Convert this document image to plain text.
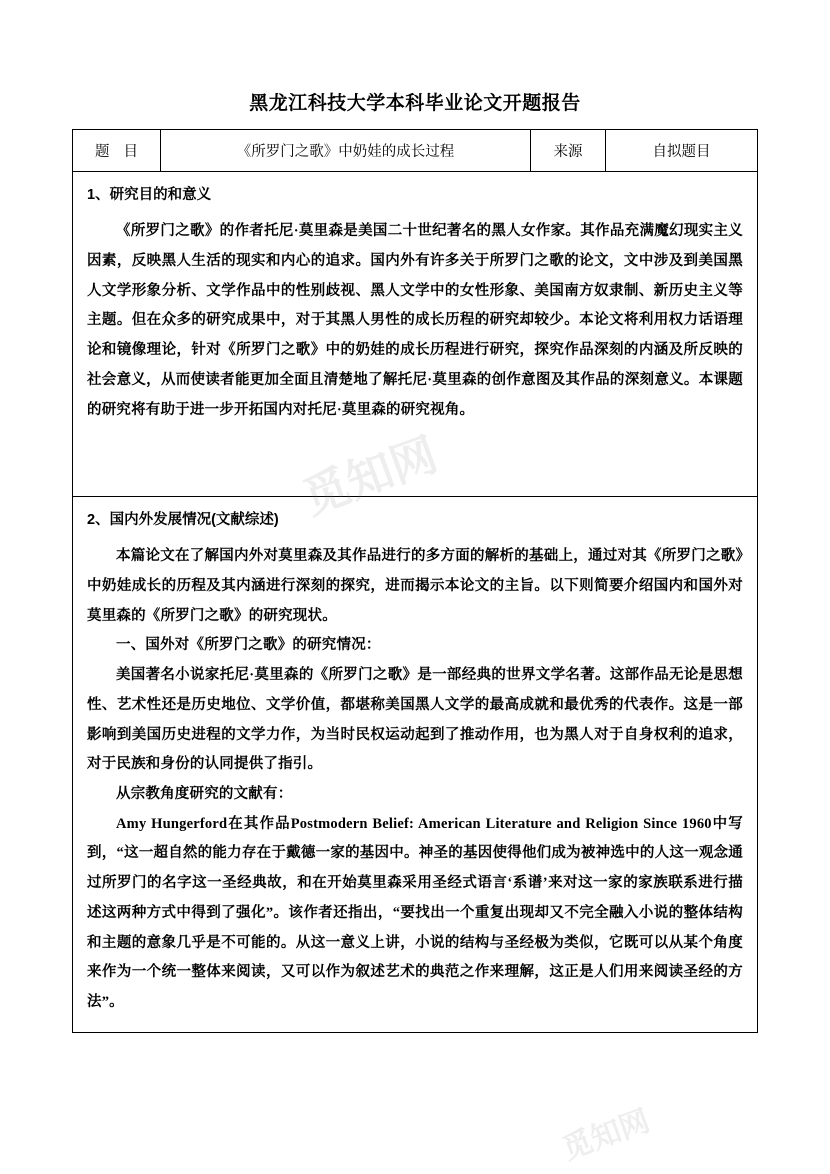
觅知网
觅知网
黑龙江科技大学本科毕业论文开题报告
题目	《所罗门之歌》中奶娃的成长过程	来源	自拟题目

1、研究目的和意义

《所罗门之歌》的作者托尼·莫里森是美国二十世纪著名的黑人女作家。其作品充满魔幻现实主义因素，反映黑人生活的现实和内心的追求。国内外有许多关于所罗门之歌的论文，文中涉及到美国黑人文学形象分析、文学作品中的性别歧视、黑人文学中的女性形象、美国南方奴隶制、新历史主义等主题。但在众多的研究成果中，对于其黑人男性的成长历程的研究却较少。本论文将利用权力话语理论和镜像理论，针对《所罗门之歌》中的奶娃的成长历程进行研究，探究作品深刻的内涵及所反映的社会意义，从而使读者能更加全面且清楚地了解托尼·莫里森的创作意图及其作品的深刻意义。本课题的研究将有助于进一步开拓国内对托尼·莫里森的研究视角。

2、国内外发展情况(文献综述)

本篇论文在了解国内外对莫里森及其作品进行的多方面的解析的基础上，通过对其《所罗门之歌》中奶娃成长的历程及其内涵进行深刻的探究，进而揭示本论文的主旨。以下则简要介绍国内和国外对莫里森的《所罗门之歌》的研究现状。

一、国外对《所罗门之歌》的研究情况：

美国著名小说家托尼·莫里森的《所罗门之歌》是一部经典的世界文学名著。这部作品无论是思想性、艺术性还是历史地位、文学价值，都堪称美国黑人文学的最高成就和最优秀的代表作。这是一部影响到美国历史进程的文学力作，为当时民权运动起到了推动作用，也为黑人对于自身权利的追求，对于民族和身份的认同提供了指引。

从宗教角度研究的文献有：

Amy Hungerford在其作品Postmodern Belief: American Literature and Religion Since 1960中写到，“这一超自然的能力存在于戴德一家的基因中。神圣的基因使得他们成为被神选中的人这一观念通过所罗门的名字这一圣经典故，和在开始莫里森采用圣经式语言‘系谱’来对这一家的家族联系进行描述这两种方式中得到了强化”。该作者还指出，“要找出一个重复出现却又不完全融入小说的整体结构和主题的意象几乎是不可能的。从这一意义上讲，小说的结构与圣经极为类似，它既可以从某个角度来作为一个统一整体来阅读，又可以作为叙述艺术的典范之作来理解，这正是人们用来阅读圣经的方法”。
